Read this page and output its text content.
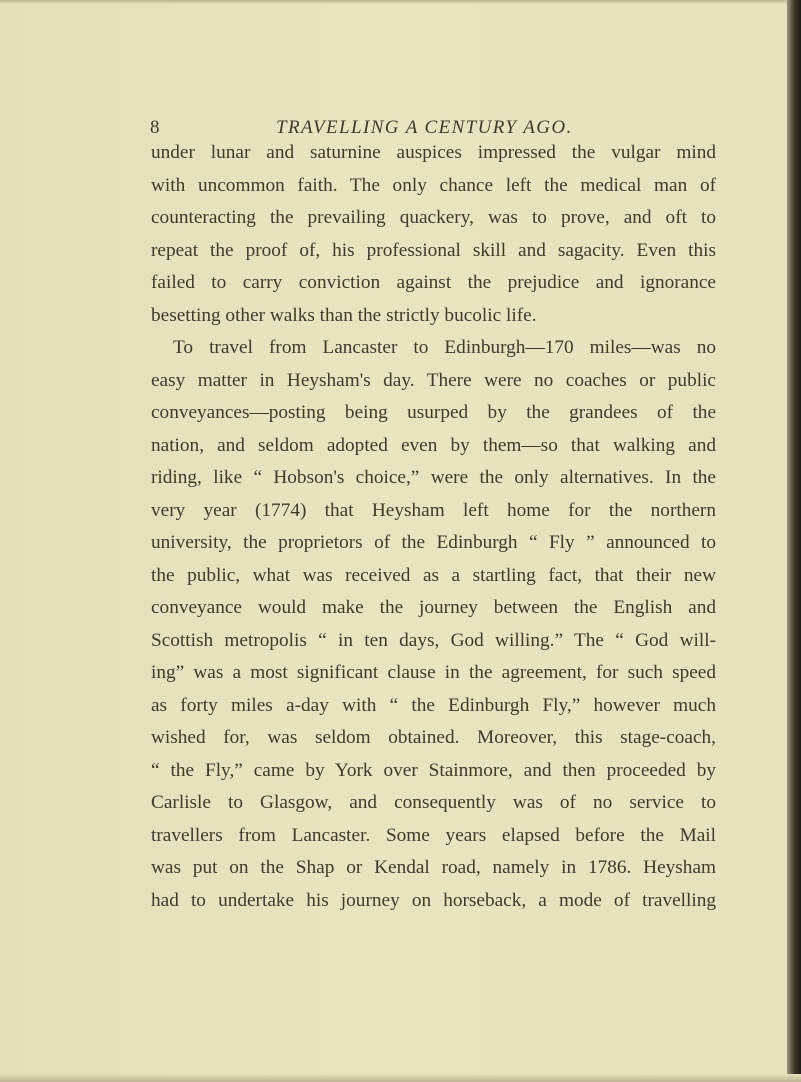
8	TRAVELLING A CENTURY AGO.
under lunar and saturnine auspices impressed the vulgar mind
with uncommon faith. The only chance left the medical man of
counteracting the prevailing quackery, was to prove, and oft to
repeat the proof of, his professional skill and sagacity. Even this
failed to carry conviction against the prejudice and ignorance
besetting other walks than the strictly bucolic life.
To travel from Lancaster to Edinburgh—170 miles—was no
easy matter in Heysham's day. There were no coaches or public
conveyances—posting being usurped by the grandees of the
nation, and seldom adopted even by them—so that walking and
riding, like “ Hobson's choice,” were the only alternatives. In the
very year (1774) that Heysham left home for the northern
university, the proprietors of the Edinburgh “ Fly ” announced to
the public, what was received as a startling fact, that their new
conveyance would make the journey between the English and
Scottish metropolis “ in ten days, God willing.” The “ God will-
ing” was a most significant clause in the agreement, for such speed
as forty miles a-day with “ the Edinburgh Fly,” however much
wished for, was seldom obtained. Moreover, this stage-coach,
“ the Fly,” came by York over Stainmore, and then proceeded by
Carlisle to Glasgow, and consequently was of no service to
travellers from Lancaster. Some years elapsed before the Mail
was put on the Shap or Kendal road, namely in 1786. Heysham
had to undertake his journey on horseback, a mode of travelling
